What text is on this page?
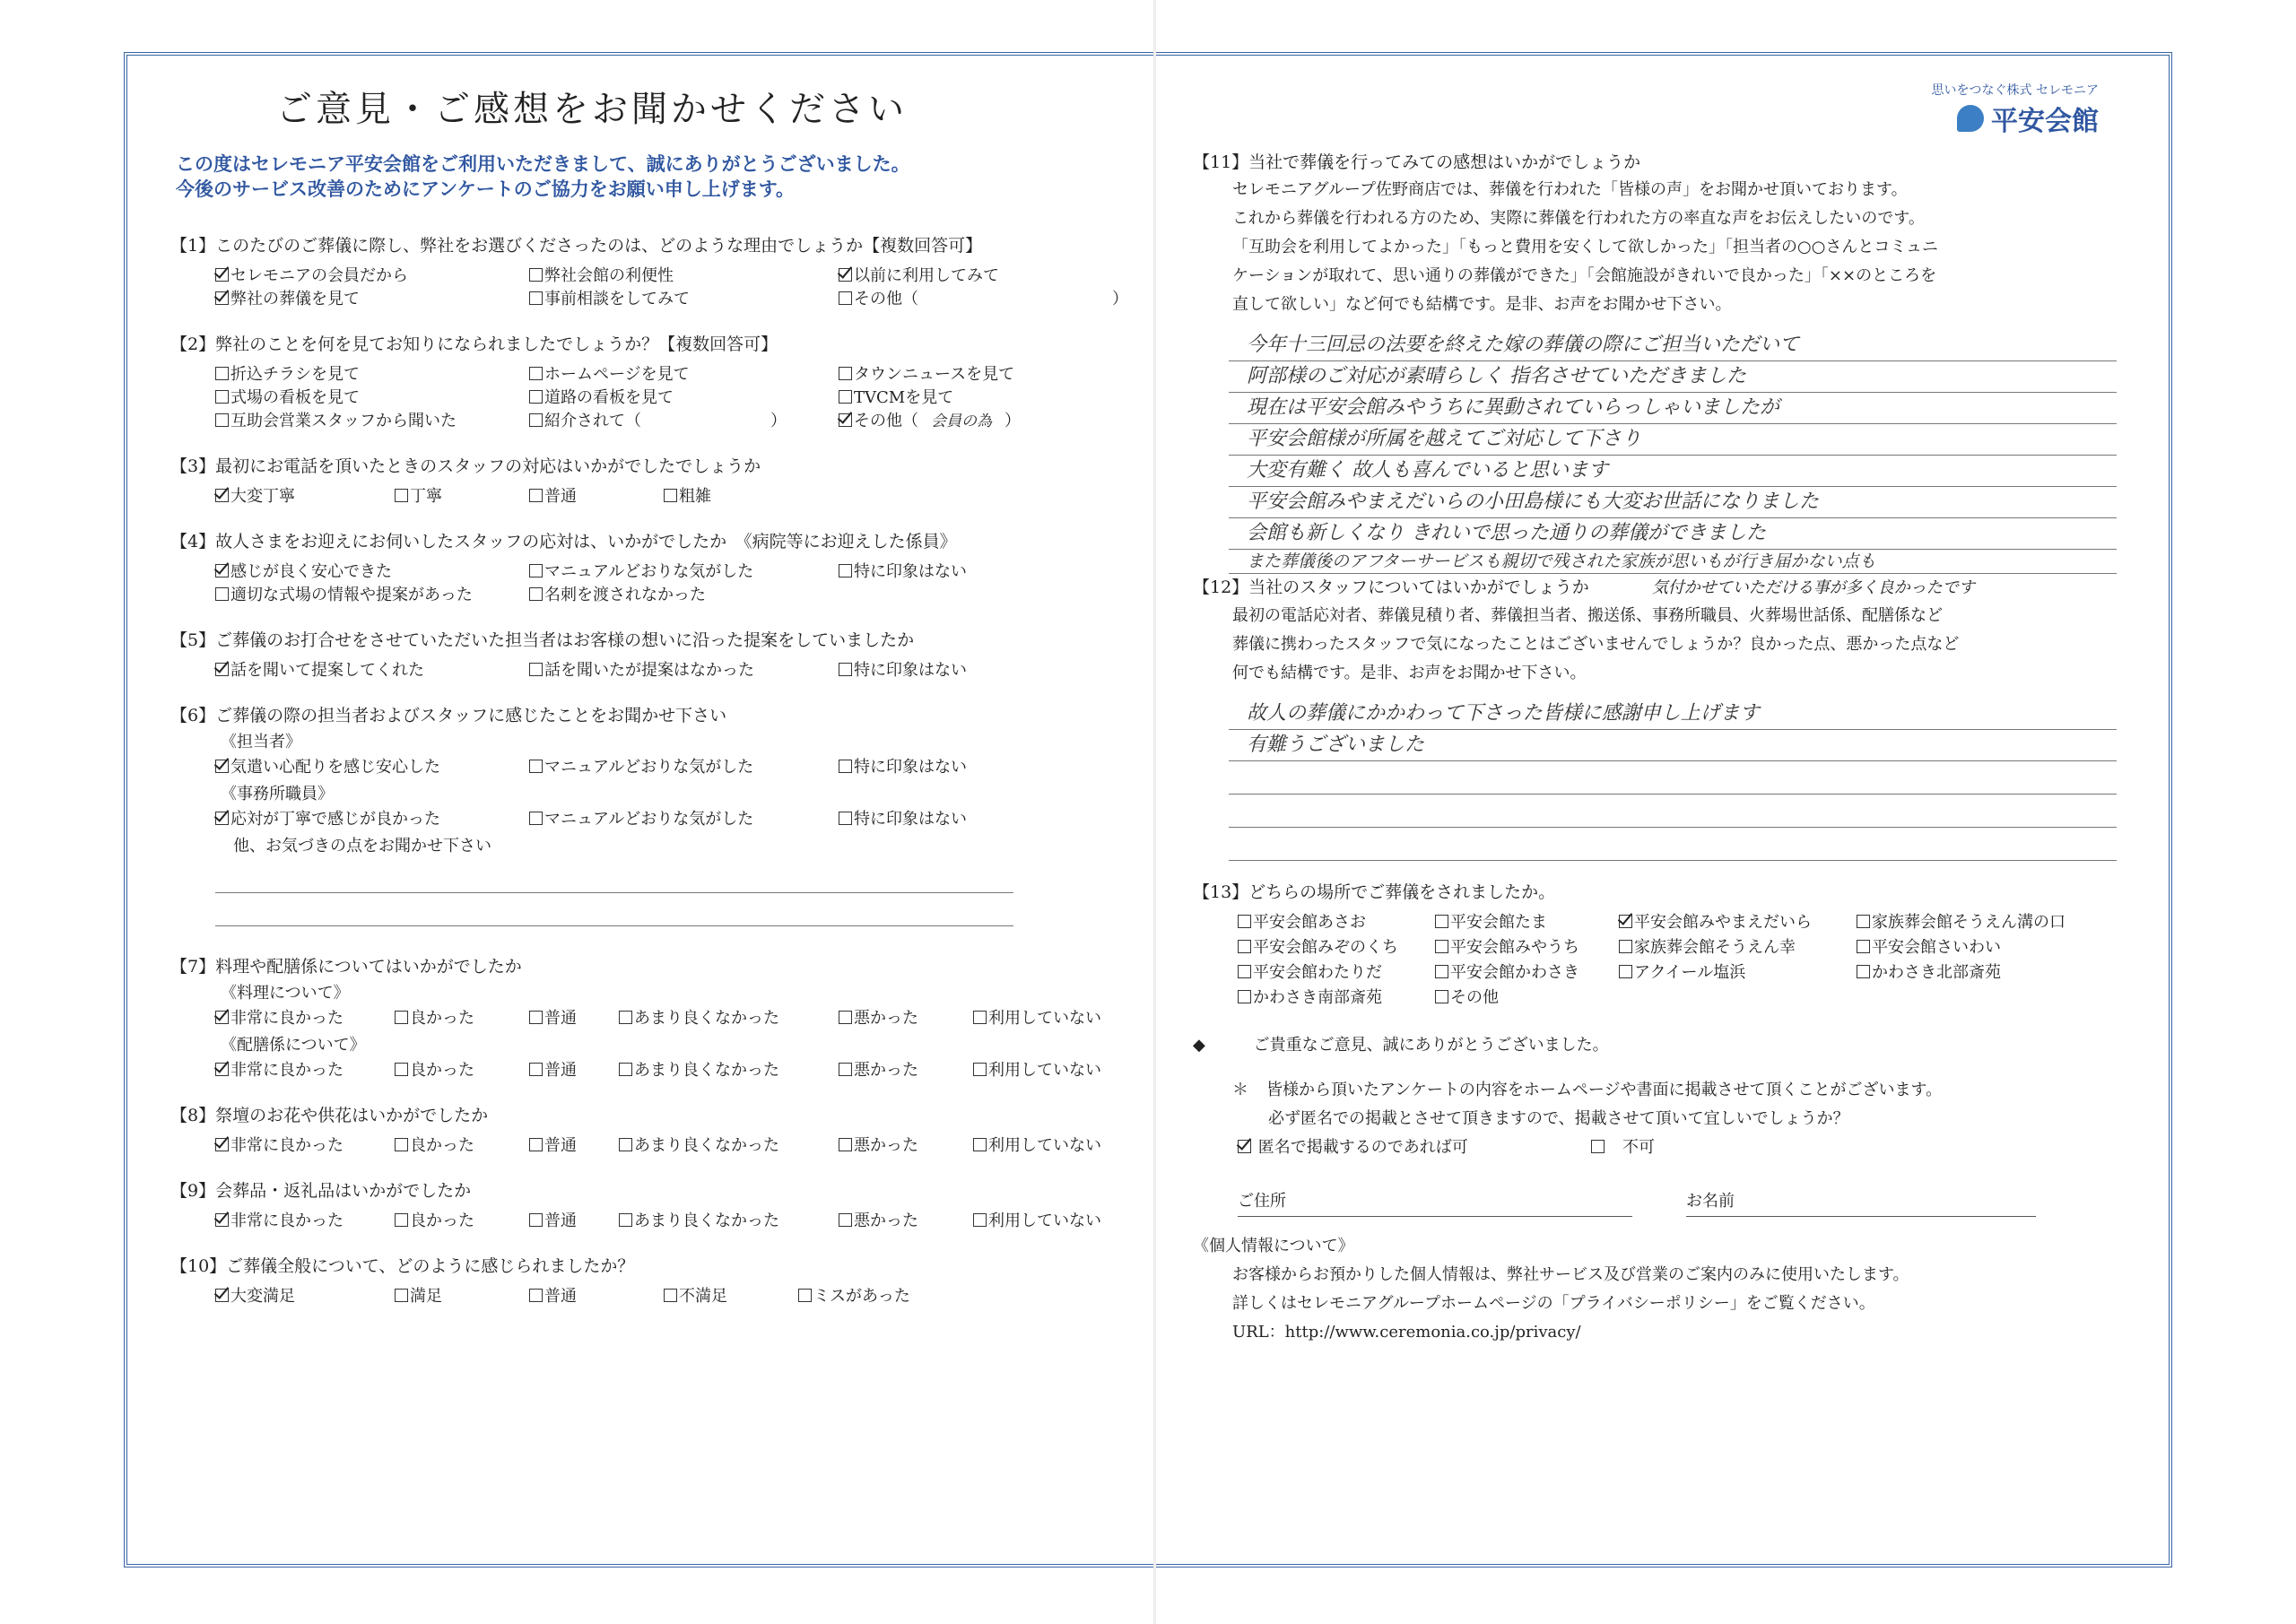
ご意見・ご感想をお聞かせください
この度はセレモニア平安会館をご利用いただきまして、誠にありがとうございました。
今後のサービス改善のためにアンケートのご協力をお願い申し上げます。
【1】このたびのご葬儀に際し、弊社をお選びくださったのは、どのような理由でしょうか【複数回答可】
セレモニアの会員だから	弊社会館の利便性	以前に利用してみて
弊社の葬儀を見て	事前相談をしてみて	その他（　　　　　　　　　　　　）
【2】弊社のことを何を見てお知りになられましたでしょうか？【複数回答可】
折込チラシを見て	ホームページを見て	タウンニュースを見て
式場の看板を見て	道路の看板を見て	TVCMを見て
互助会営業スタッフから聞いた	紹介されて（　　　　　　　　）	その他（ 会員の為 ）
【3】最初にお電話を頂いたときのスタッフの対応はいかがでしたでしょうか
大変丁寧	丁寧	普通	粗雑
【4】故人さまをお迎えにお伺いしたスタッフの応対は、いかがでしたか　《病院等にお迎えした係員》
感じが良く安心できた	マニュアルどおりな気がした	特に印象はない
適切な式場の情報や提案があった	名刺を渡されなかった
【5】ご葬儀のお打合せをさせていただいた担当者はお客様の想いに沿った提案をしていましたか
話を聞いて提案してくれた	話を聞いたが提案はなかった	特に印象はない
【6】ご葬儀の際の担当者およびスタッフに感じたことをお聞かせ下さい
《担当者》
気遣い心配りを感じ安心した	マニュアルどおりな気がした	特に印象はない
《事務所職員》
応対が丁寧で感じが良かった	マニュアルどおりな気がした	特に印象はない
他、お気づきの点をお聞かせ下さい
【7】料理や配膳係についてはいかがでしたか
《料理について》
非常に良かった	良かった	普通	あまり良くなかった	悪かった	利用していない
《配膳係について》
非常に良かった	良かった	普通	あまり良くなかった	悪かった	利用していない
【8】祭壇のお花や供花はいかがでしたか
非常に良かった	良かった	普通	あまり良くなかった	悪かった	利用していない
【9】会葬品・返礼品はいかがでしたか
非常に良かった	良かった	普通	あまり良くなかった	悪かった	利用していない
【10】ご葬儀全般について、どのように感じられましたか？
大変満足	満足	普通	不満足	ミスがあった
思いをつなぐ株式 セレモニア
平安会館
【11】当社で葬儀を行ってみての感想はいかがでしょうか
セレモニアグループ佐野商店では、葬儀を行われた「皆様の声」をお聞かせ頂いております。
これから葬儀を行われる方のため、実際に葬儀を行われた方の率直な声をお伝えしたいのです。
「互助会を利用してよかった」「もっと費用を安くして欲しかった」「担当者の○○さんとコミュニ
ケーションが取れて、思い通りの葬儀ができた」「会館施設がきれいで良かった」「××のところを
直して欲しい」など何でも結構です。是非、お声をお聞かせ下さい。
今年十三回忌の法要を終えた嫁の葬儀の際にご担当いただいて
阿部様のご対応が素晴らしく 指名させていただきました
現在は平安会館みやうちに異動されていらっしゃいましたが
平安会館様が所属を越えてご対応して下さり
大変有難く 故人も喜んでいると思います
平安会館みやまえだいらの小田島様にも大変お世話になりました
会館も新しくなり きれいで思った通りの葬儀ができました
また葬儀後のアフターサービスも親切で残された家族が思いもが行き届かない点も
【12】当社のスタッフについてはいかがでしょうか	気付かせていただける事が多く良かったです
最初の電話応対者、葬儀見積り者、葬儀担当者、搬送係、事務所職員、火葬場世話係、配膳係など
葬儀に携わったスタッフで気になったことはございませんでしょうか？良かった点、悪かった点など
何でも結構です。是非、お声をお聞かせ下さい。
故人の葬儀にかかわって下さった皆様に感謝申し上げます
有難うございました
【13】どちらの場所でご葬儀をされましたか。
平安会館あさお	平安会館たま	平安会館みやまえだいら	家族葬会館そうえん溝の口
平安会館みぞのくち	平安会館みやうち	家族葬会館そうえん幸	平安会館さいわい
平安会館わたりだ	平安会館かわさき	アクイール塩浜	かわさき北部斎苑
かわさき南部斎苑	その他
◆	ご貴重なご意見、誠にありがとうございました。
＊ 皆様から頂いたアンケートの内容をホームページや書面に掲載させて頂くことがございます。
必ず匿名での掲載とさせて頂きますので、掲載させて頂いて宜しいでしょうか？
匿名で掲載するのであれば可
　	不可
ご住所	お名前
《個人情報について》
お客様からお預かりした個人情報は、弊社サービス及び営業のご案内のみに使用いたします。
詳しくはセレモニアグループホームページの「プライバシーポリシー」をご覧ください。
URL：http://www.ceremonia.co.jp/privacy/
